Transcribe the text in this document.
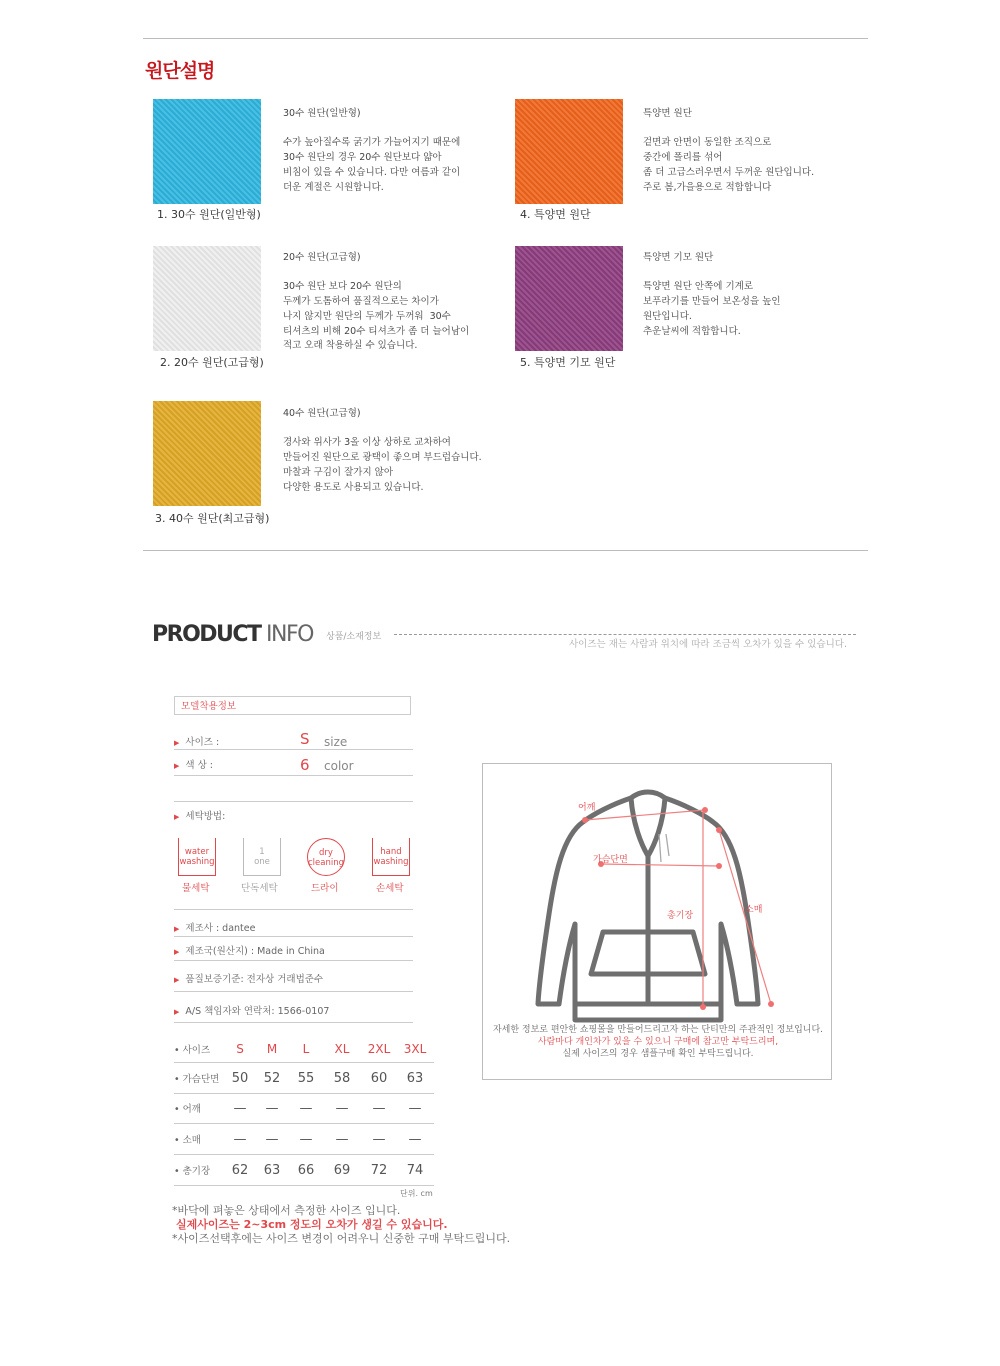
원단설명
1. 30수 원단(일반형)
30수 원단(일반형)
수가 높아질수록 굵기가 가늘어지기 때문에
30수 원단의 경우 20수 원단보다 얇아
비침이 있을 수 있습니다. 다만 여름과 같이
더운 계절은 시원합니다.
2. 20수 원단(고급형)
20수 원단(고급형)
30수 원단 보다 20수 원단의
두께가 도톰하여 품질적으로는 차이가
나지 않지만 원단의 두께가 두꺼워  30수
티셔츠의 비해 20수 티셔츠가 좀 더 늘어남이
적고 오래 착용하실 수 있습니다.
3. 40수 원단(최고급형)
40수 원단(고급형)
경사와 위사가 3올 이상 상하로 교차하여
만들어진 원단으로 광택이 좋으며 부드럽습니다.
마찰과 구김이 잘가지 않아
다양한 용도로 사용되고 있습니다.
4. 특양면 원단
특양면 원단
겉면과 안면이 동일한 조직으로
중간에 폴리를 섞어
좀 더 고급스러우면서 두꺼운 원단입니다.
주로 봄,가을용으로 적합합니다
5. 특양면 기모 원단
특양면 기모 원단
특양면 원단 안쪽에 기계로
보푸라기를 만들어 보온성을 높인
원단입니다.
추운날씨에 적합합니다.
PRODUCT INFO 상품/소재정보
사이즈는 재는 사람과 위치에 따라 조금씩 오차가 있을 수 있습니다.
모델착용정보
▶ 사이즈 :	S size
▶ 색 상 :	6 color
▶ 세탁방법:
water
washing
물세탁
1
one
단독세탁
dry
cleaning
드라이
hand
washing
손세탁
▶ 제조사 : dantee
▶ 제조국(원산지) : Made in China
▶ 품질보증기준: 전자상 거래법준수
▶ A/S 책임자와 연락처: 1566-0107
• 사이즈	S	M	L	XL	2XL	3XL
• 가슴단면 50	52	55	58	60	63
• 어깨	—	—	—	—	—	—
• 소매	—	—	—	—	—	—
• 총기장	62	63	66	69	72	74
단위. cm
*바닥에 펴놓은 상태에서 측정한 사이즈 입니다.
실제사이즈는 2~3cm 정도의 오차가 생길 수 있습니다.
*사이즈선택후에는 사이즈 변경이 어려우니 신중한 구매 부탁드립니다.
어깨
가슴단면
총기장
소매
자세한 정보로 편안한 쇼핑몰을 만들어드리고자 하는 단티만의 주관적인 정보입니다.
사람마다 개인차가 있을 수 있으니 구매에 참고만 부탁드리며,
실제 사이즈의 경우 샘플구매 확인 부탁드립니다.
